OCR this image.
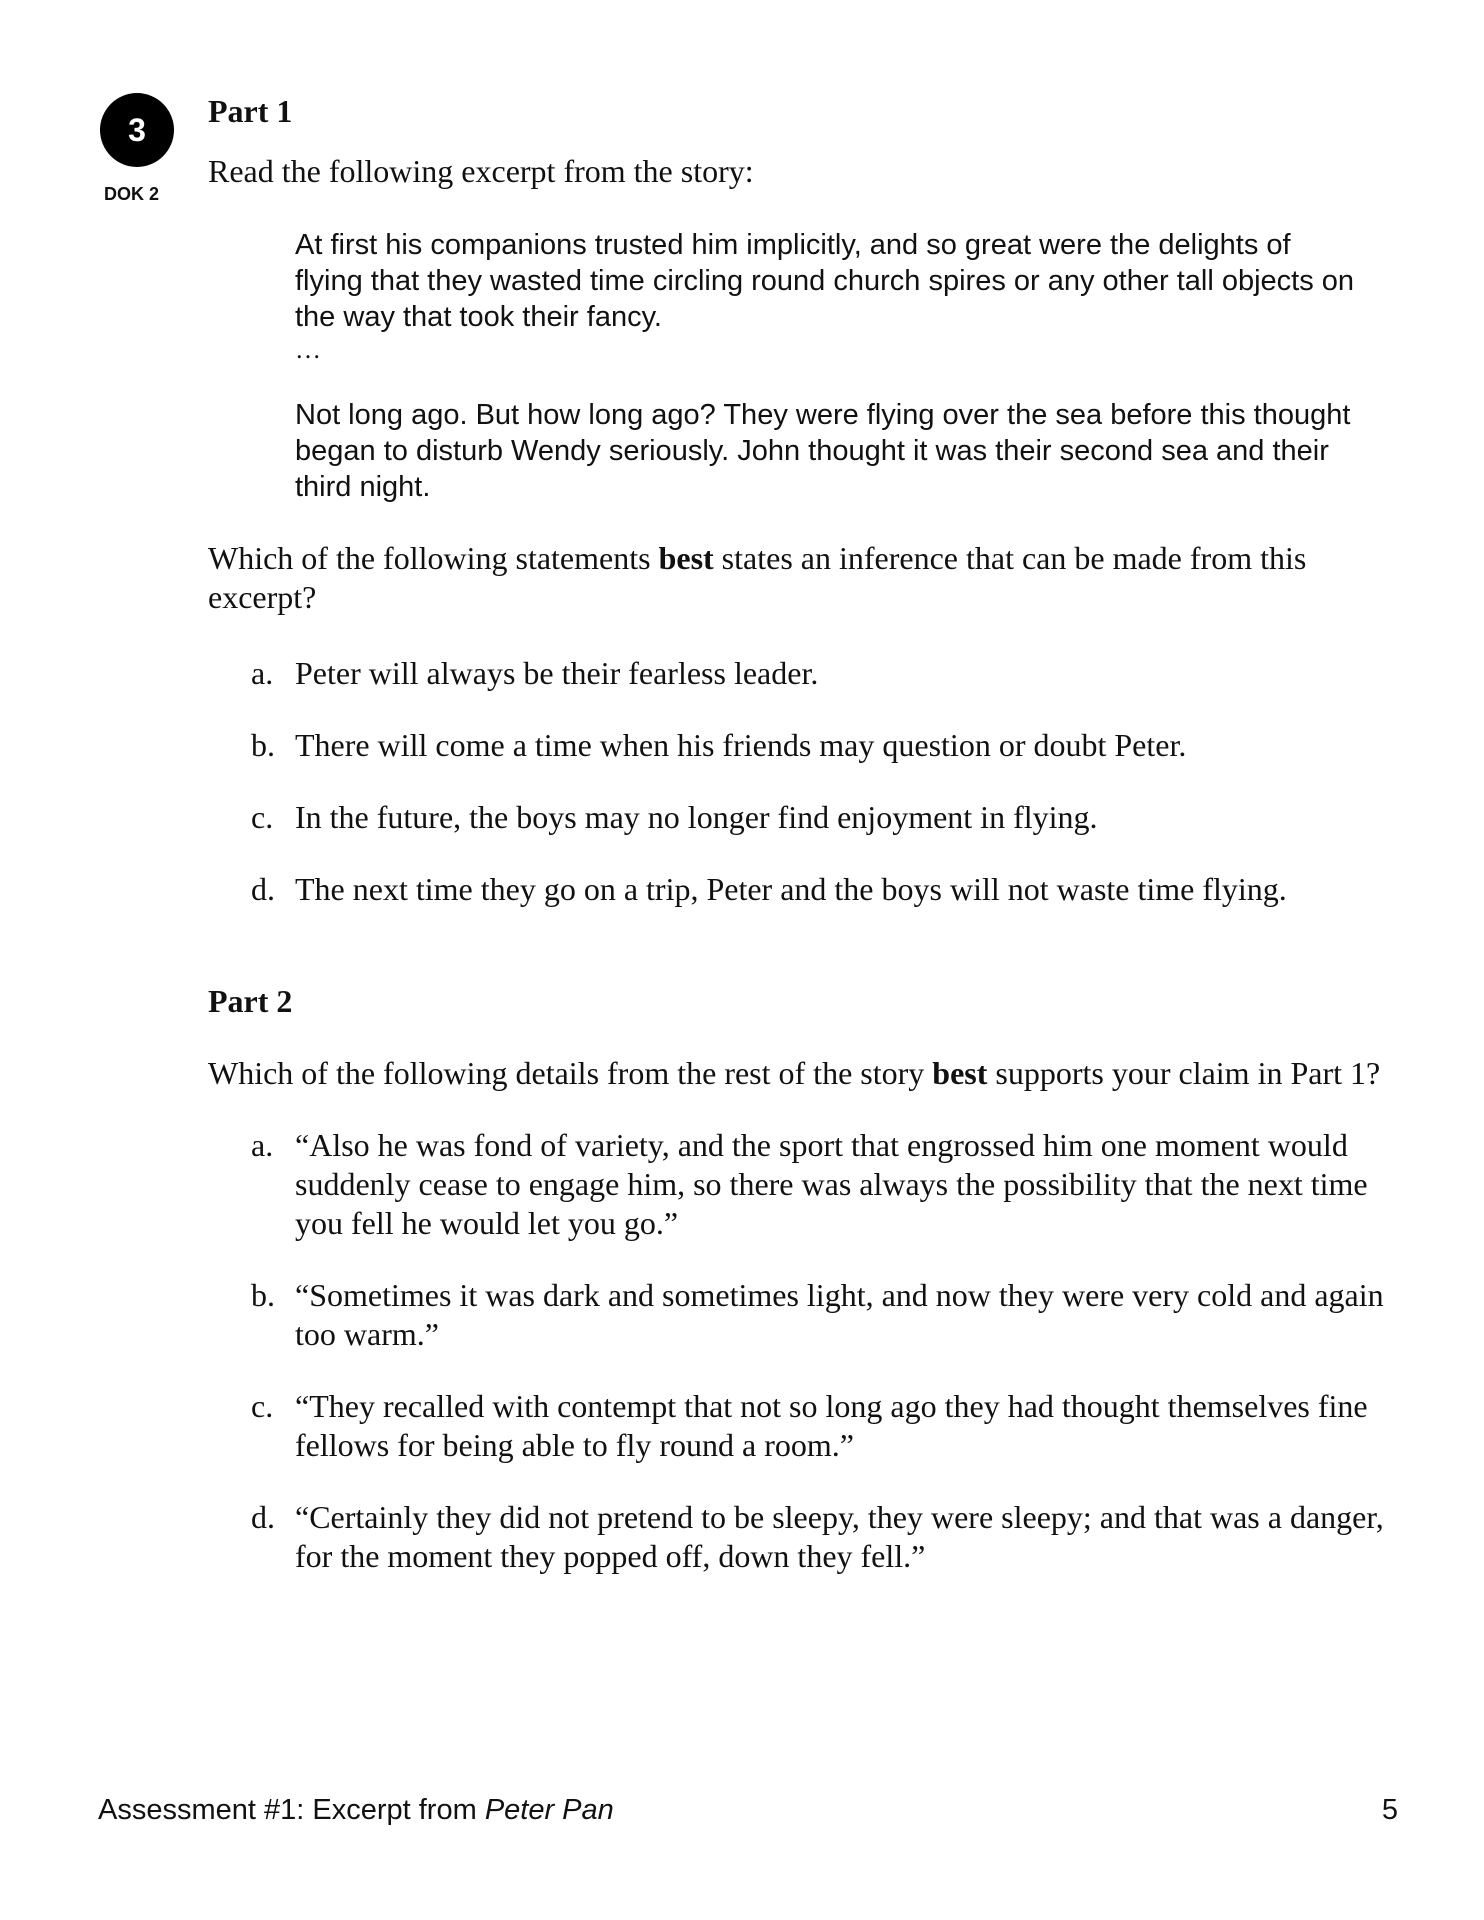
3
DOK 2

Part 1

Read the following excerpt from the story:

At first his companions trusted him implicitly, and so great were the delights of flying that they wasted time circling round church spires or any other tall objects on the way that took their fancy.

…

Not long ago. But how long ago? They were flying over the sea before this thought began to disturb Wendy seriously. John thought it was their second sea and their third night.

Which of the following statements best states an inference that can be made from this excerpt?

a. Peter will always be their fearless leader.
b. There will come a time when his friends may question or doubt Peter.
c. In the future, the boys may no longer find enjoyment in flying.
d. The next time they go on a trip, Peter and the boys will not waste time flying.

Part 2

Which of the following details from the rest of the story best supports your claim in Part 1?

a. “Also he was fond of variety, and the sport that engrossed him one moment would suddenly cease to engage him, so there was always the possibility that the next time you fell he would let you go.”
b. “Sometimes it was dark and sometimes light, and now they were very cold and again too warm.”
c. “They recalled with contempt that not so long ago they had thought themselves fine fellows for being able to fly round a room.”
d. “Certainly they did not pretend to be sleepy, they were sleepy; and that was a danger, for the moment they popped off, down they fell.”
Assessment #1: Excerpt from Peter Pan	5
